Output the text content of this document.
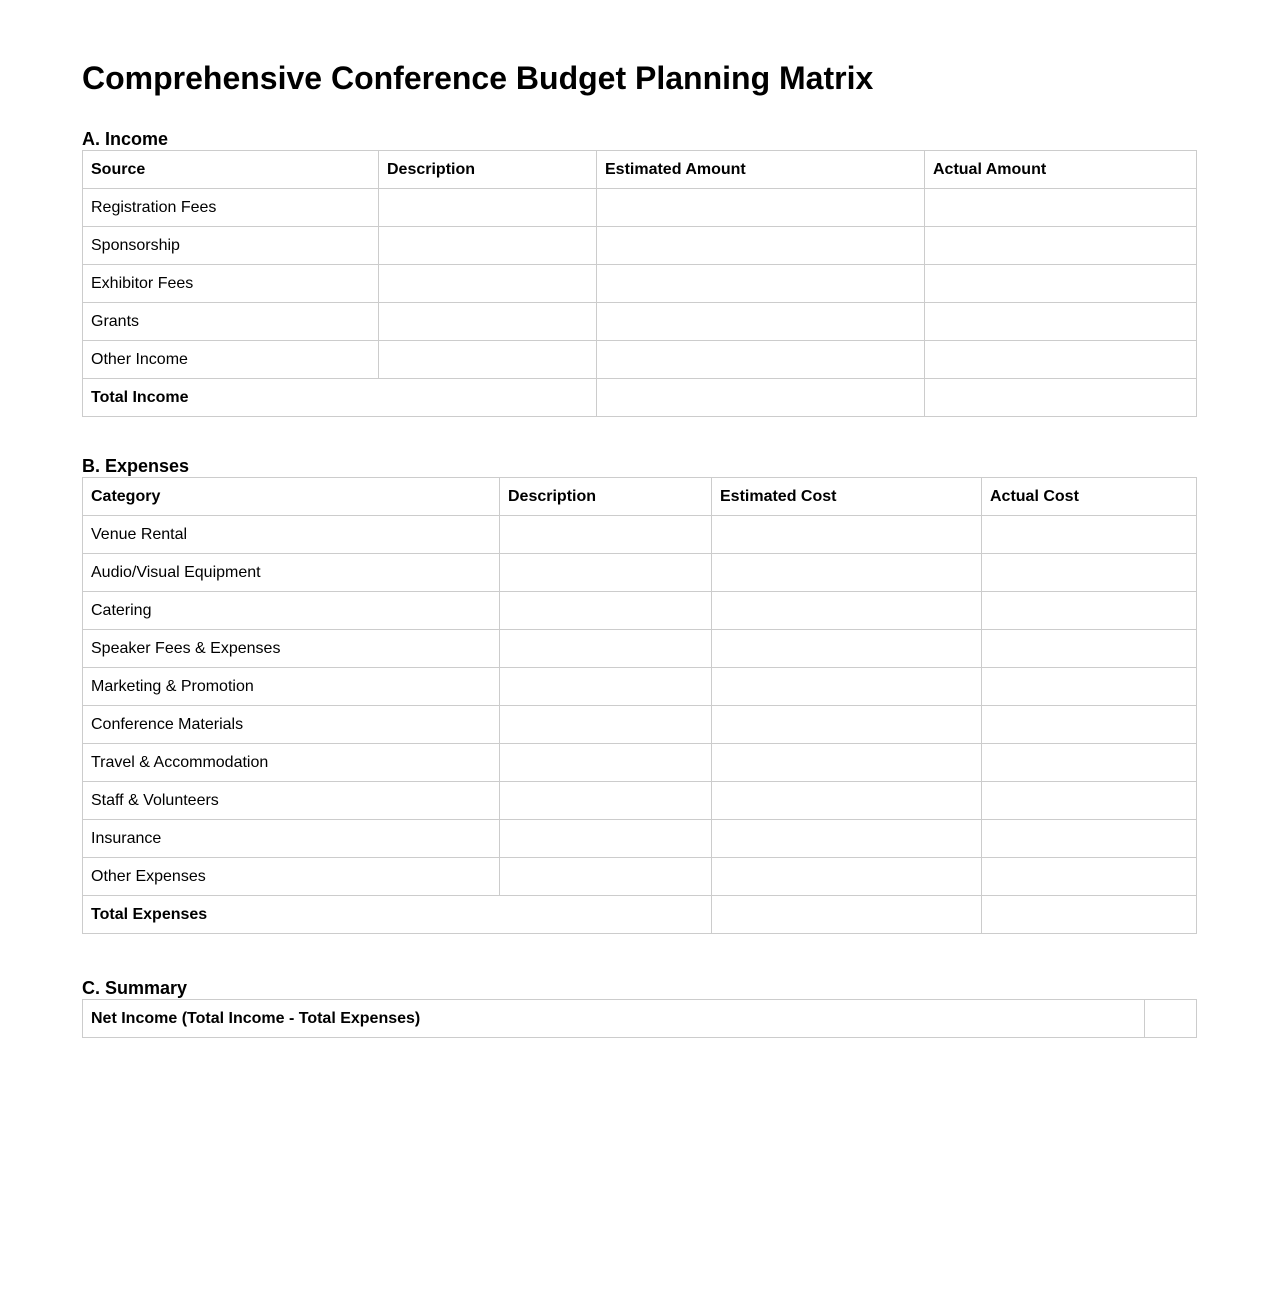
Comprehensive Conference Budget Planning Matrix
A. Income
Source	Description	Estimated Amount	Actual Amount
Registration Fees			
Sponsorship			
Exhibitor Fees			
Grants			
Other Income			
Total Income			
B. Expenses
Category	Description	Estimated Cost	Actual Cost
Venue Rental			
Audio/Visual Equipment			
Catering			
Speaker Fees & Expenses			
Marketing & Promotion			
Conference Materials			
Travel & Accommodation			
Staff & Volunteers			
Insurance			
Other Expenses			
Total Expenses			
C. Summary
Net Income (Total Income - Total Expenses)	
